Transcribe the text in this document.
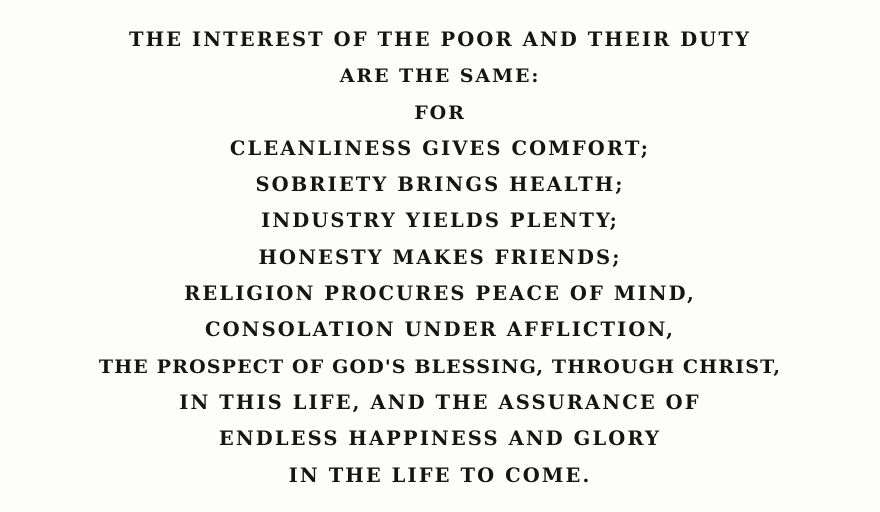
THE INTEREST OF THE POOR AND THEIR DUTY
ARE THE SAME:
FOR
CLEANLINESS GIVES COMFORT;
SOBRIETY BRINGS HEALTH;
INDUSTRY YIELDS PLENTY;
HONESTY MAKES FRIENDS;
RELIGION PROCURES PEACE OF MIND,
CONSOLATION UNDER AFFLICTION,
THE PROSPECT OF GOD'S BLESSING, THROUGH CHRIST,
IN THIS LIFE, AND THE ASSURANCE OF
ENDLESS HAPPINESS AND GLORY
IN THE LIFE TO COME.
